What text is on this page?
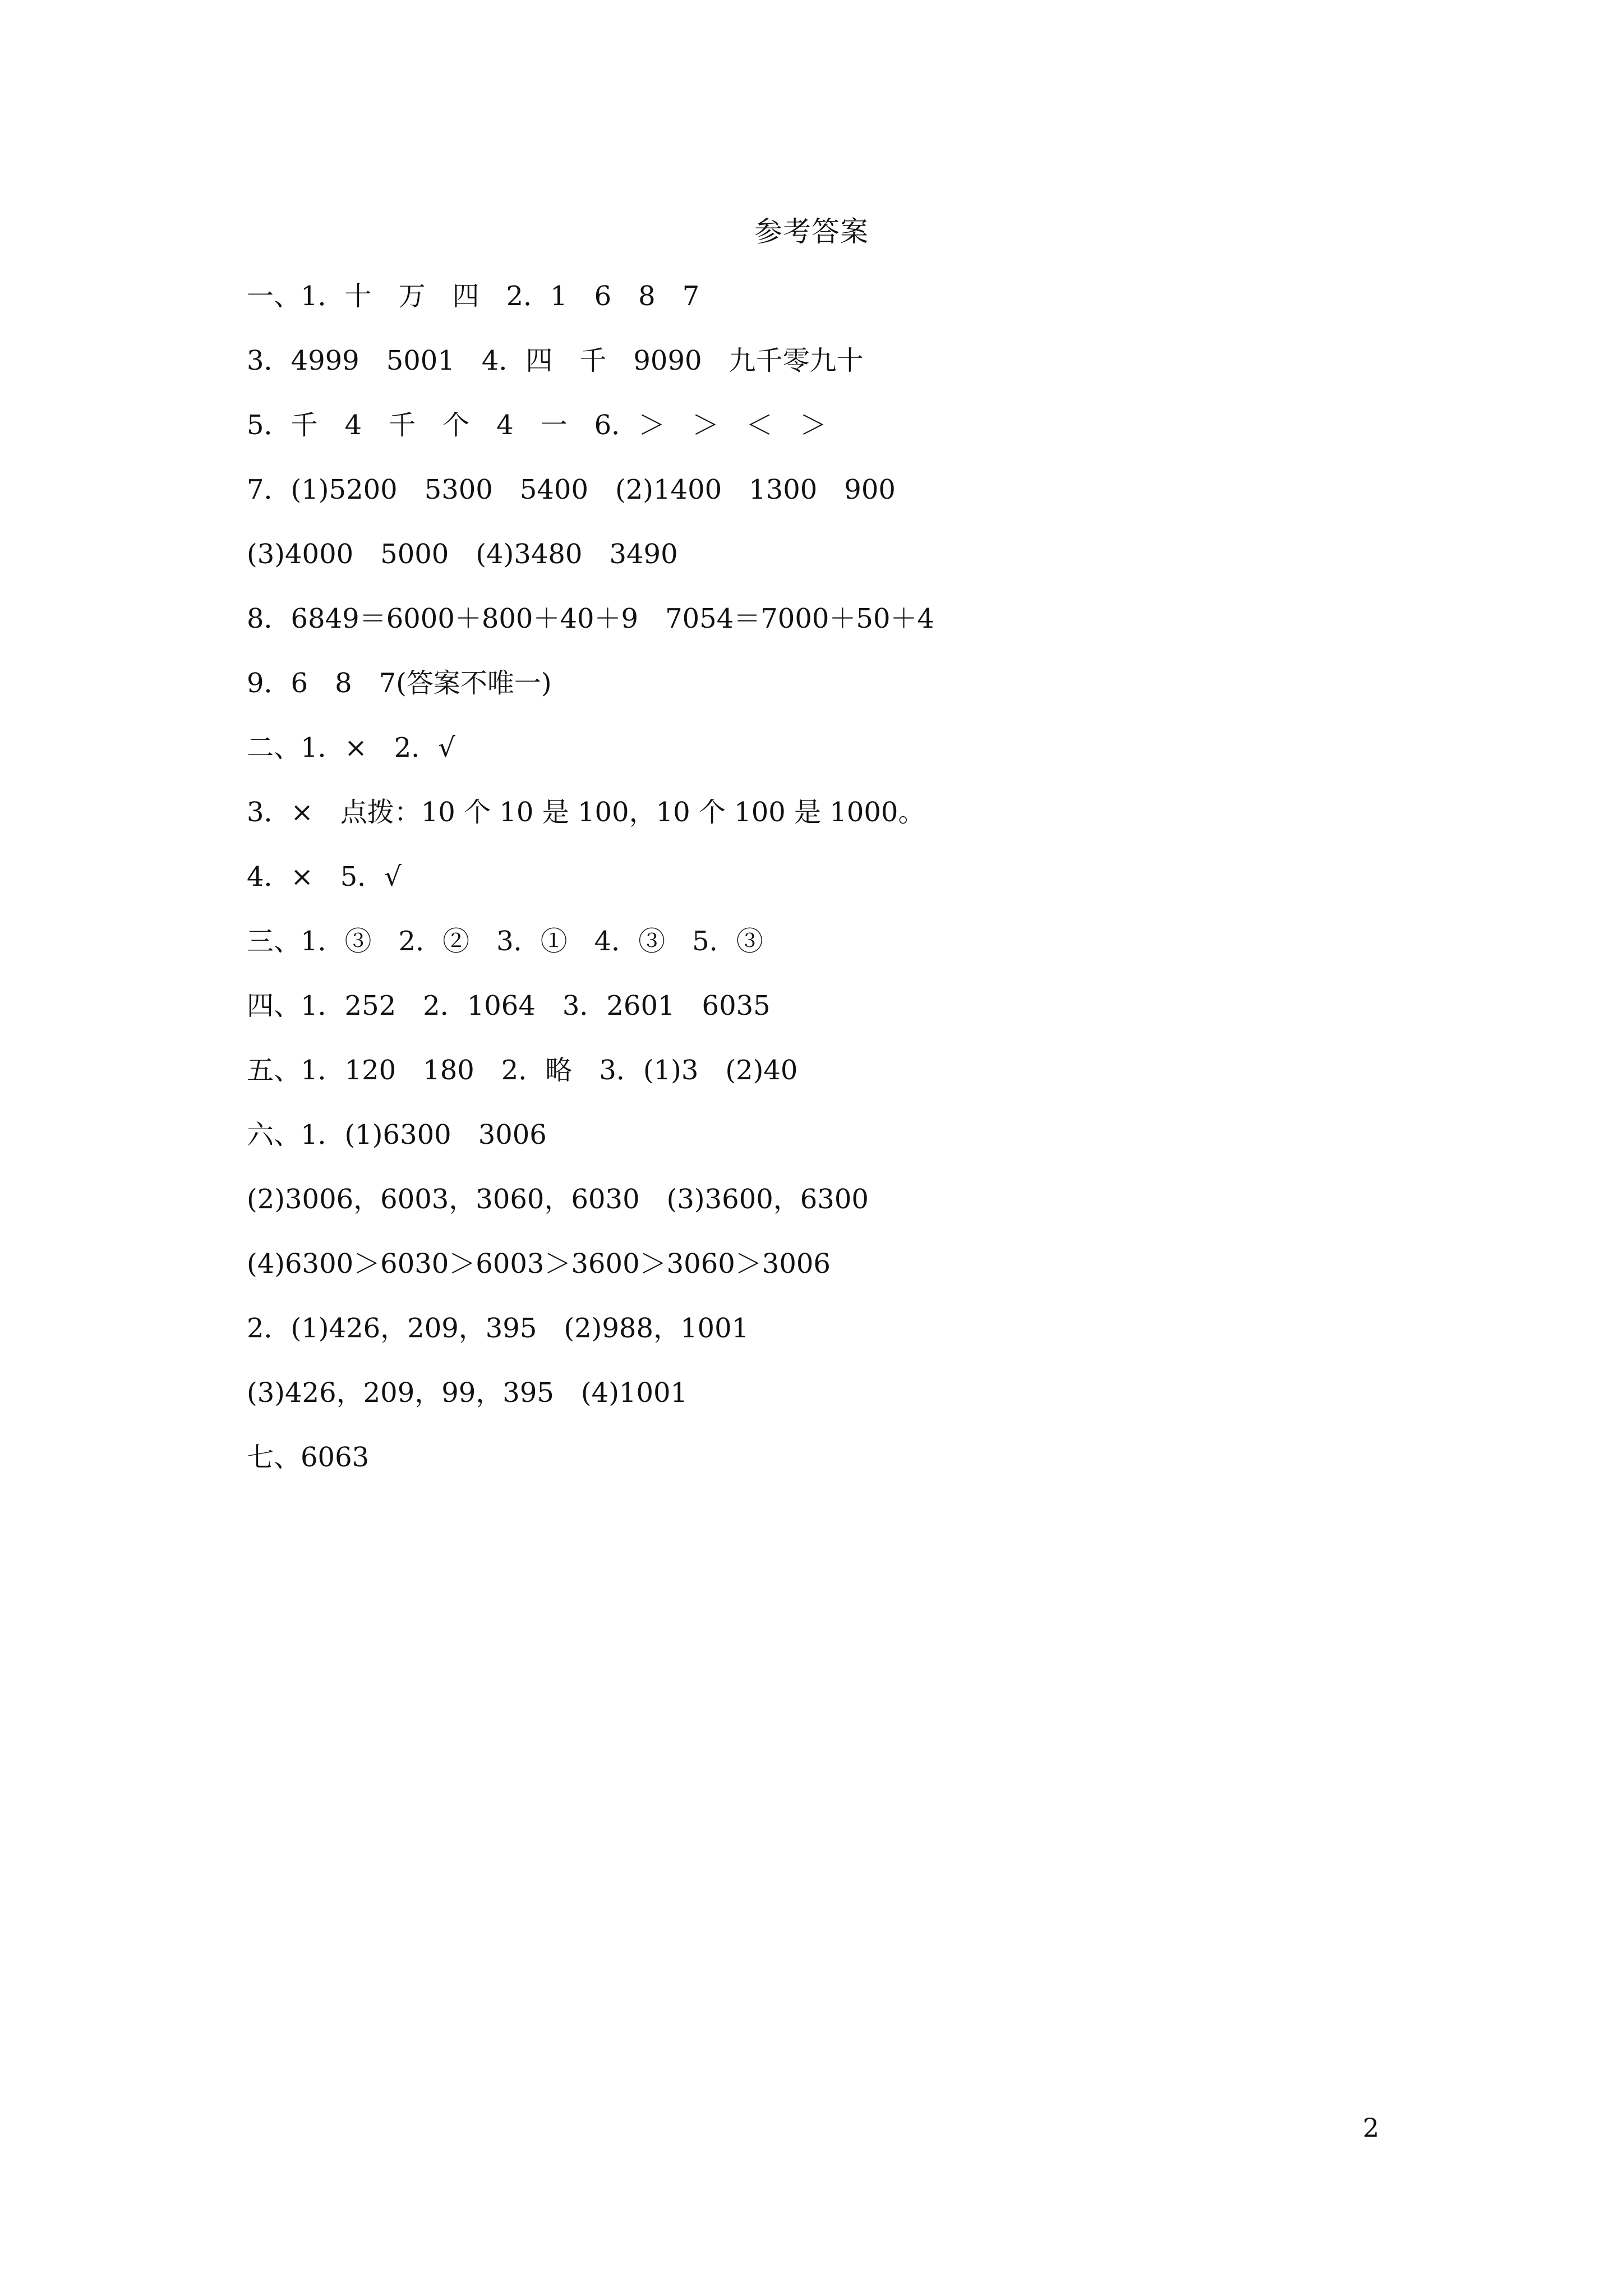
参考答案
一、1．十　万　四　2．1　6　8　7
3．4999　5001　4．四　千　9090　九千零九十
5．千　4　千　个　4　一　6．＞　＞　＜　＞
7．(1)5200　5300　5400　(2)1400　1300　900
(3)4000　5000　(4)3480　3490
8．6849＝6000＋800＋40＋9　7054＝7000＋50＋4
9．6　8　7(答案不唯一)
二、1．×　2．√
3．×　点拨：10 个 10 是 100，10 个 100 是 1000。
4．×　5．√
三、1．③　2．②　3．①　4．③　5．③
四、1．252　2．1064　3．2601　6035
五、1．120　180　2．略　3．(1)3　(2)40
六、1．(1)6300　3006
(2)3006，6003，3060，6030　(3)3600，6300
(4)6300＞6030＞6003＞3600＞3060＞3006
2．(1)426，209，395　(2)988，1001
(3)426，209，99，395　(4)1001
七、6063
2
